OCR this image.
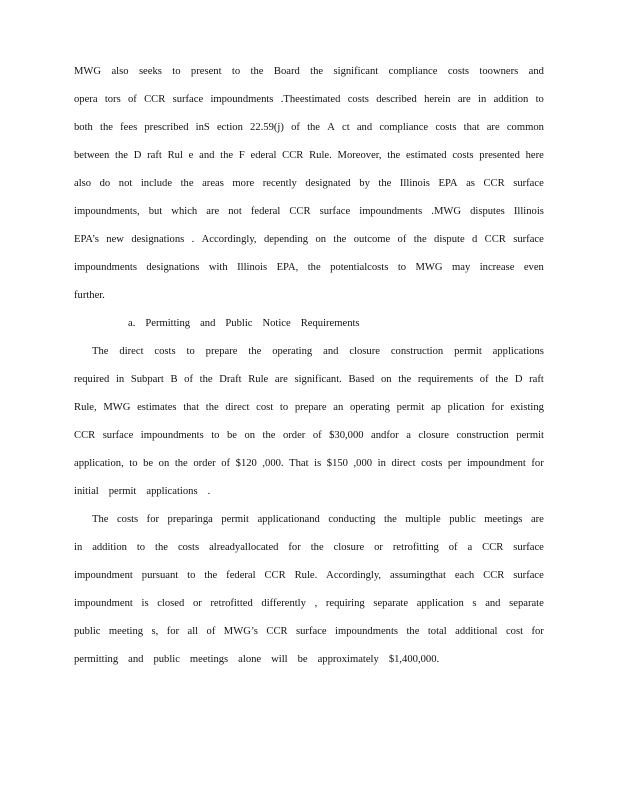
MWG also seeks to present to the Board the significant compliance costs toowners and
opera tors of CCR surface impoundments .Theestimated costs described herein are in addition to
both the fees prescribed inS ection 22.59(j) of the A ct and compliance costs that are common
between the D raft Rul e and the F ederal CCR Rule. Moreover, the estimated costs presented here
also do not include the areas more recently designated by the Illinois EPA as CCR surface
impoundments, but which are not federal CCR surface impoundments .MWG disputes Illinois
EPA’s new designations . Accordingly, depending on the outcome of the dispute d CCR surface
impoundments designations with Illinois EPA, the potentialcosts to MWG may increase even
further.
a. Permitting and Public Notice Requirements
The direct costs to prepare the operating and closure construction permit applications
required in Subpart B of the Draft Rule are significant. Based on the requirements of the D raft
Rule, MWG estimates that the direct cost to prepare an operating permit ap plication for existing
CCR surface impoundments to be on the order of $30,000 andfor a closure construction permit
application, to be on the order of $120 ,000. That is $150 ,000 in direct costs per impoundment for
initial permit applications .
The costs for preparinga permit applicationand conducting the multiple public meetings are
in addition to the costs alreadyallocated for the closure or retrofitting of a CCR surface
impoundment pursuant to the federal CCR Rule. Accordingly, assumingthat each CCR surface
impoundment is closed or retrofitted differently , requiring separate application s and separate
public meeting s, for all of MWG’s CCR surface impoundments the total additional cost for
permitting and public meetings alone will be approximately $1,400,000.
